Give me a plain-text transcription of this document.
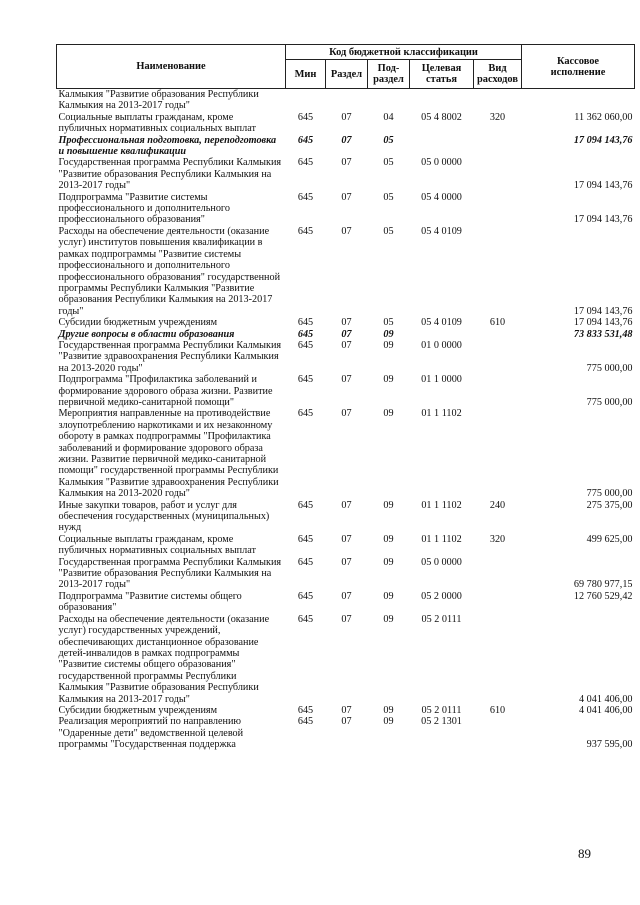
Наименование	Код бюджетной классификации					Кассовое
исполнение
	Мин	Раздел	Под-
раздел	Целевая
статья	Вид
расходов	
Калмыкия "Развитие образования Республики Калмыкия на 2013-2017 годы"						
Социальные выплаты гражданам, кроме публичных нормативных социальных выплат	645	07	04	05 4 8002	320	11 362 060,00
Профессиональная подготовка, переподготовка и повышение квалификации	645	07	05			17 094 143,76
Государственная программа Республики Калмыкия "Развитие образования Республики Калмыкия на 2013-2017 годы"	645	07	05	05 0 0000		17 094 143,76
Подпрограмма "Развитие системы профессионального и дополнительного профессионального образования"	645	07	05	05 4 0000		17 094 143,76
Расходы на обеспечение деятельности (оказание услуг) институтов повышения квалификации в рамках подпрограммы "Развитие системы профессионального и дополнительного профессионального образования" государственной программы Республики Калмыкия "Развитие образования Республики Калмыкия на 2013-2017 годы"	645	07	05	05 4 0109		17 094 143,76
Субсидии бюджетным учреждениям	645	07	05	05 4 0109	610	17 094 143,76
Другие вопросы в области образования	645	07	09			73 833 531,48
Государственная программа Республики Калмыкия "Развитие здравоохранения Республики Калмыкия на 2013-2020 годы"	645	07	09	01 0 0000		775 000,00
Подпрограмма "Профилактика заболеваний и формирование здорового образа жизни. Развитие первичной медико-санитарной помощи"	645	07	09	01 1 0000		775 000,00
Мероприятия направленные на противодействие злоупотреблению наркотиками и их незаконному обороту в рамках подпрограммы "Профилактика заболеваний и формирование здорового образа жизни. Развитие первичной медико-санитарной помощи" государственной программы Республики Калмыкия "Развитие здравоохранения Республики Калмыкия на 2013-2020 годы"	645	07	09	01 1 1102		775 000,00
Иные закупки товаров, работ и услуг для обеспечения государственных (муниципальных) нужд	645	07	09	01 1 1102	240	275 375,00
Социальные выплаты гражданам, кроме публичных нормативных социальных выплат	645	07	09	01 1 1102	320	499 625,00
Государственная программа Республики Калмыкия "Развитие образования Республики Калмыкия на 2013-2017 годы"	645	07	09	05 0 0000		69 780 977,15
Подпрограмма "Развитие системы общего образования"	645	07	09	05 2 0000		12 760 529,42
Расходы на обеспечение деятельности (оказание услуг) государственных учреждений, обеспечивающих дистанционное образование детей-инвалидов в рамках подпрограммы "Развитие системы общего образования" государственной программы Республики Калмыкия "Развитие образования Республики Калмыкия на 2013-2017 годы"	645	07	09	05 2 0111		4 041 406,00
Субсидии бюджетным учреждениям	645	07	09	05 2 0111	610	4 041 406,00
Реализация мероприятий по направлению "Одаренные дети" ведомственной целевой программы "Государственная поддержка	645	07	09	05 2 1301		937 595,00
89
